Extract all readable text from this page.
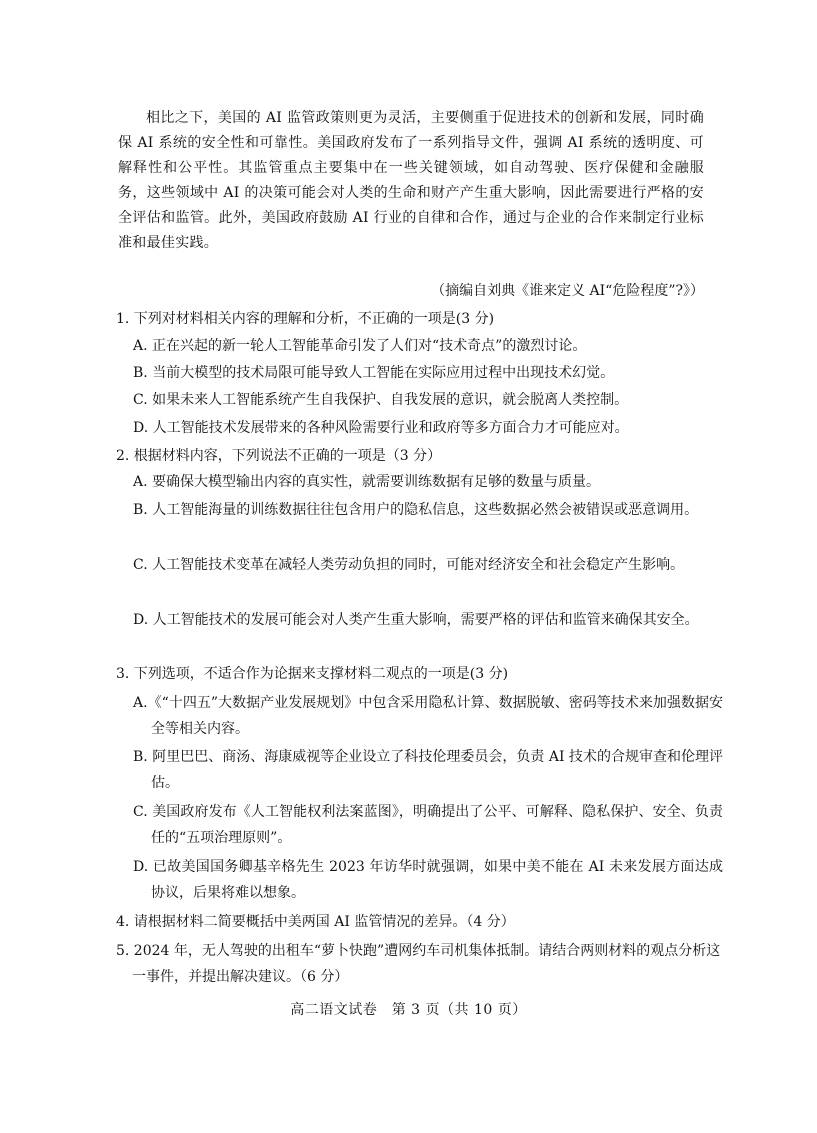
相比之下，美国的 AI 监管政策则更为灵活，主要侧重于促进技术的创新和发展，同时确保 AI 系统的安全性和可靠性。美国政府发布了一系列指导文件，强调 AI 系统的透明度、可解释性和公平性。其监管重点主要集中在一些关键领域，如自动驾驶、医疗保健和金融服务，这些领域中 AI 的决策可能会对人类的生命和财产产生重大影响，因此需要进行严格的安全评估和监管。此外，美国政府鼓励 AI 行业的自律和合作，通过与企业的合作来制定行业标准和最佳实践。

（摘编自刘典《谁来定义 AI“危险程度”?》）
1. 下列对材料相关内容的理解和分析，不正确的一项是(3 分)
A. 正在兴起的新一轮人工智能革命引发了人们对“技术奇点”的激烈讨论。
B. 当前大模型的技术局限可能导致人工智能在实际应用过程中出现技术幻觉。
C. 如果未来人工智能系统产生自我保护、自我发展的意识，就会脱离人类控制。
D. 人工智能技术发展带来的各种风险需要行业和政府等多方面合力才可能应对。
2. 根据材料内容，下列说法不正确的一项是（3 分）
A. 要确保大模型输出内容的真实性，就需要训练数据有足够的数量与质量。
B. 人工智能海量的训练数据往往包含用户的隐私信息，这些数据必然会被错误或恶意调用。
C. 人工智能技术变革在减轻人类劳动负担的同时，可能对经济安全和社会稳定产生影响。
D. 人工智能技术的发展可能会对人类产生重大影响，需要严格的评估和监管来确保其安全。
3. 下列选项，不适合作为论据来支撑材料二观点的一项是(3 分)
A.《“十四五”大数据产业发展规划》中包含采用隐私计算、数据脱敏、密码等技术来加强数据安全等相关内容。
B. 阿里巴巴、商汤、海康威视等企业设立了科技伦理委员会，负责 AI 技术的合规审查和伦理评估。
C. 美国政府发布《人工智能权利法案蓝图》，明确提出了公平、可解释、隐私保护、安全、负责任的“五项治理原则”。
D. 已故美国国务卿基辛格先生 2023 年访华时就强调，如果中美不能在 AI 未来发展方面达成协议，后果将难以想象。
4. 请根据材料二简要概括中美两国 AI 监管情况的差异。（4 分）
5. 2024 年，无人驾驶的出租车“萝卜快跑”遭网约车司机集体抵制。请结合两则材料的观点分析这一事件，并提出解决建议。（6 分）
高二语文试卷　第 3 页（共 10 页）
